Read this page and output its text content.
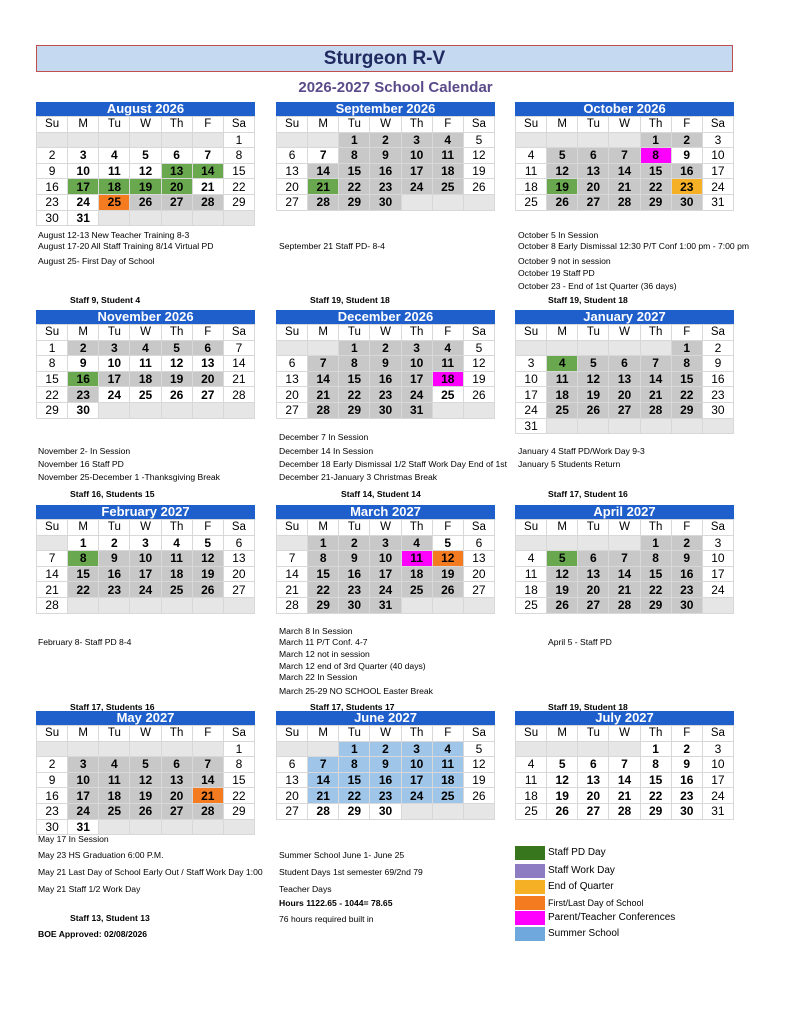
Sturgeon R-V
2026-2027 School Calendar
August 2026
Su	M	Tu	W	Th	F	Sa
						1
2	3	4	5	6	7	8
9	10	11	12	13	14	15
16	17	18	19	20	21	22
23	24	25	26	27	28	29
30	31					
September 2026
Su	M	Tu	W	Th	F	Sa
		1	2	3	4	5
6	7	8	9	10	11	12
13	14	15	16	17	18	19
20	21	22	23	24	25	26
27	28	29	30			
October 2026
Su	M	Tu	W	Th	F	Sa
				1	2	3
4	5	6	7	8	9	10
11	12	13	14	15	16	17
18	19	20	21	22	23	24
25	26	27	28	29	30	31
November 2026
Su	M	Tu	W	Th	F	Sa
1	2	3	4	5	6	7
8	9	10	11	12	13	14
15	16	17	18	19	20	21
22	23	24	25	26	27	28
29	30					
December 2026
Su	M	Tu	W	Th	F	Sa
		1	2	3	4	5
6	7	8	9	10	11	12
13	14	15	16	17	18	19
20	21	22	23	24	25	26
27	28	29	30	31		
January 2027
Su	M	Tu	W	Th	F	Sa
					1	2
3	4	5	6	7	8	9
10	11	12	13	14	15	16
17	18	19	20	21	22	23
24	25	26	27	28	29	30
31						
February 2027
Su	M	Tu	W	Th	F	Sa
	1	2	3	4	5	6
7	8	9	10	11	12	13
14	15	16	17	18	19	20
21	22	23	24	25	26	27
28						
March 2027
Su	M	Tu	W	Th	F	Sa
	1	2	3	4	5	6
7	8	9	10	11	12	13
14	15	16	17	18	19	20
21	22	23	24	25	26	27
28	29	30	31			
April 2027
Su	M	Tu	W	Th	F	Sa
				1	2	3
4	5	6	7	8	9	10
11	12	13	14	15	16	17
18	19	20	21	22	23	24
25	26	27	28	29	30	
May 2027
Su	M	Tu	W	Th	F	Sa
						1
2	3	4	5	6	7	8
9	10	11	12	13	14	15
16	17	18	19	20	21	22
23	24	25	26	27	28	29
30	31					
June 2027
Su	M	Tu	W	Th	F	Sa
		1	2	3	4	5
6	7	8	9	10	11	12
13	14	15	16	17	18	19
20	21	22	23	24	25	26
27	28	29	30			
July 2027
Su	M	Tu	W	Th	F	Sa
				1	2	3
4	5	6	7	8	9	10
11	12	13	14	15	16	17
18	19	20	21	22	23	24
25	26	27	28	29	30	31
Staff 9, Student 4	Staff 19, Student 18	Staff 19, Student 18
Staff 16, Students 15	Staff 14, Student 14	Staff 17, Student 16
Staff 17, Students 16	Staff 17, Students 17	Staff 19, Student 18
Staff 13, Student 13
BOE Approved: 02/08/2026
August 12-13 New Teacher Training 8-3
August 17-20 All Staff Training 8/14 Virtual PD
August 25- First Day of School
September 21 Staff PD- 8-4
October 5 In Session
October 8 Early Dismissal 12:30 P/T Conf 1:00 pm - 7:00 pm
October 9 not in session
October 19 Staff PD
October 23 - End of 1st Quarter (36 days)
November 2- In Session
November 16 Staff PD
November 25-December 1 -Thanksgiving Break
December 7 In Session
December 14 In Session
December 18 Early Dismissal 1/2 Staff Work Day End of 1st
December 21-January 3 Christmas Break
January 4 Staff PD/Work Day 9-3
January 5 Students Return
February 8- Staff PD 8-4
March 8 In Session
March 11 P/T Conf. 4-7
March 12 not in session
March 12 end of 3rd Quarter (40 days)
March 22 In Session
March 25-29 NO SCHOOL Easter Break
April 5 - Staff PD
May 17 In Session
May 23 HS Graduation 6:00 P.M.
May 21 Last Day of School Early Out / Staff Work Day 1:00
May 21 Staff 1/2 Work Day
Summer School June 1- June 25
Student Days 1st semester 69/2nd 79
Teacher Days
Hours 1122.65 - 1044= 78.65
76 hours required built in
Staff PD Day
Staff Work Day
End of Quarter
First/Last Day of School
Parent/Teacher Conferences
Summer School
